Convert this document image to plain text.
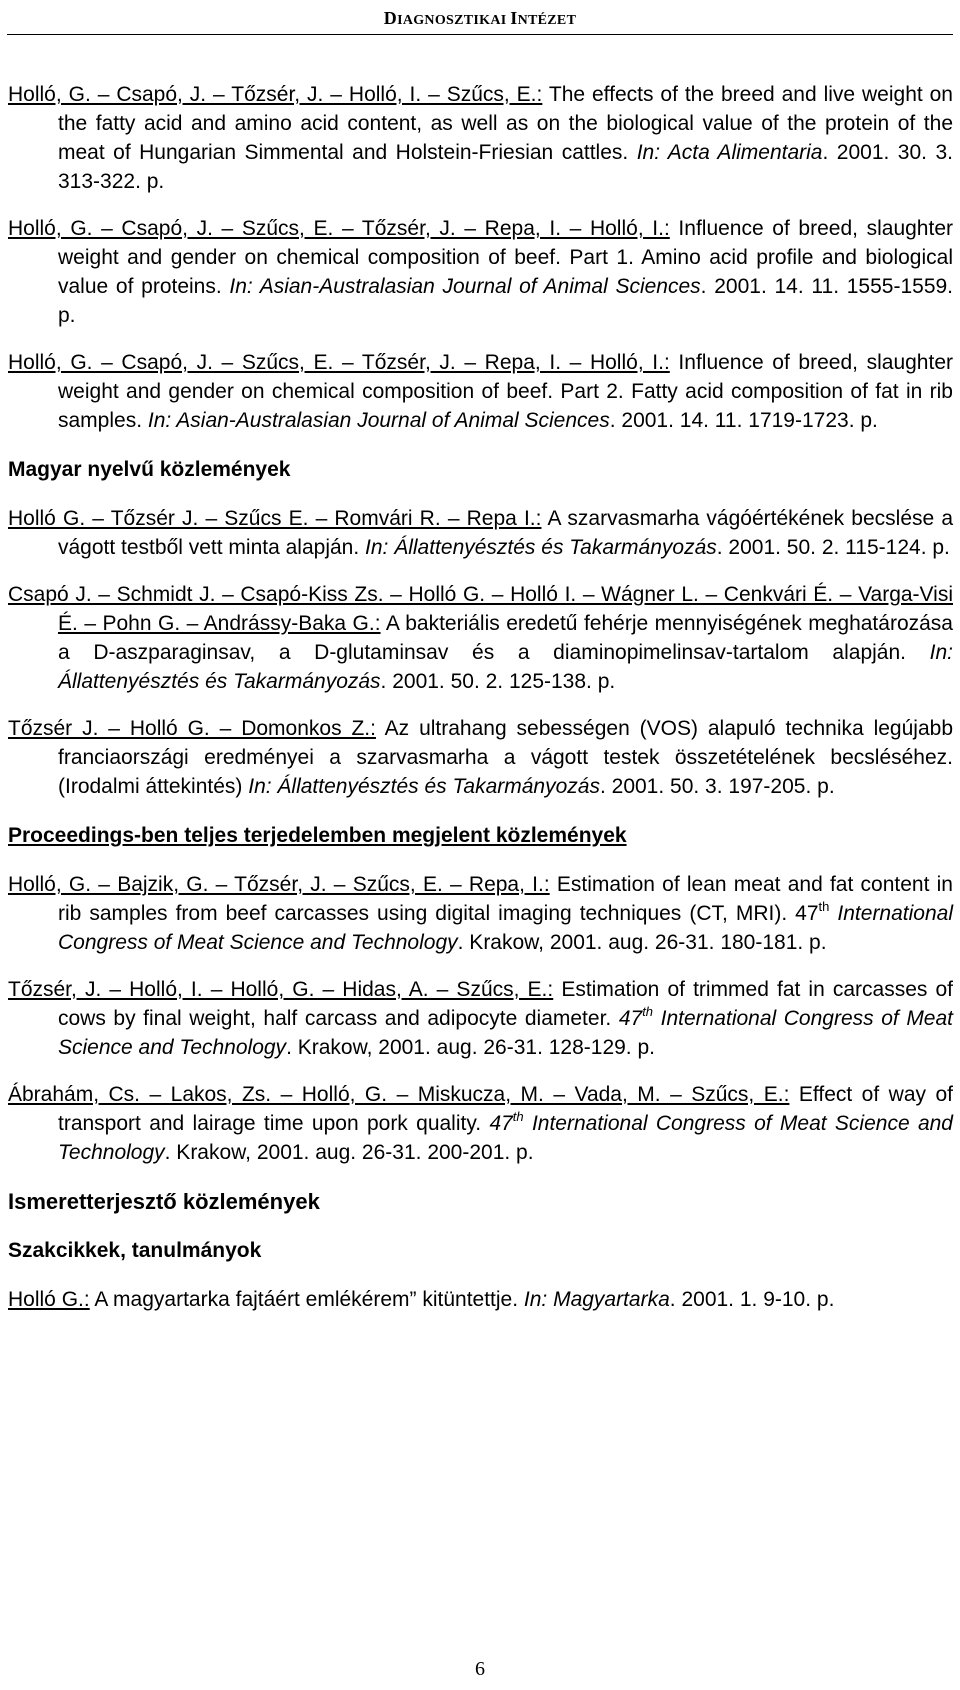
DIAGNOSZTIKAI INTÉZET

Holló, G. – Csapó, J. – Tőzsér, J. – Holló, I. – Szűcs, E.: The effects of the breed and live weight on the fatty acid and amino acid content, as well as on the biological value of the protein of the meat of Hungarian Simmental and Holstein-Friesian cattles. In: Acta Alimentaria. 2001. 30. 3. 313-322. p.

Holló, G. – Csapó, J. – Szűcs, E. – Tőzsér, J. – Repa, I. – Holló, I.: Influence of breed, slaughter weight and gender on chemical composition of beef. Part 1. Amino acid profile and biological value of proteins. In: Asian-Australasian Journal of Animal Sciences. 2001. 14. 11. 1555-1559. p.

Holló, G. – Csapó, J. – Szűcs, E. – Tőzsér, J. – Repa, I. – Holló, I.: Influence of breed, slaughter weight and gender on chemical composition of beef. Part 2. Fatty acid composition of fat in rib samples. In: Asian-Australasian Journal of Animal Sciences. 2001. 14. 11. 1719-1723. p.

Magyar nyelvű közlemények

Holló G. – Tőzsér J. – Szűcs E. – Romvári R. – Repa I.: A szarvasmarha vágóértékének becslése a vágott testből vett minta alapján. In: Állattenyésztés és Takarmányozás. 2001. 50. 2. 115-124. p.

Csapó J. – Schmidt J. – Csapó-Kiss Zs. – Holló G. – Holló I. – Wágner L. – Cenkvári É. – Varga-Visi É. – Pohn G. – Andrássy-Baka G.: A bakteriális eredetű fehérje mennyiségének meghatározása a D-aszparaginsav, a D-glutaminsav és a diaminopimelinsav-tartalom alapján. In: Állattenyésztés és Takarmányozás. 2001. 50. 2. 125-138. p.

Tőzsér J. – Holló G. – Domonkos Z.: Az ultrahang sebességen (VOS) alapuló technika legújabb franciaországi eredményei a szarvasmarha a vágott testek összetételének becsléséhez. (Irodalmi áttekintés) In: Állattenyésztés és Takarmányozás. 2001. 50. 3. 197-205. p.

Proceedings-ben teljes terjedelemben megjelent közlemények

Holló, G. – Bajzik, G. – Tőzsér, J. – Szűcs, E. – Repa, I.: Estimation of lean meat and fat content in rib samples from beef carcasses using digital imaging techniques (CT, MRI). 47th International Congress of Meat Science and Technology. Krakow, 2001. aug. 26-31. 180-181. p.

Tőzsér, J. – Holló, I. – Holló, G. – Hidas, A. – Szűcs, E.: Estimation of trimmed fat in carcasses of cows by final weight, half carcass and adipocyte diameter. 47th International Congress of Meat Science and Technology. Krakow, 2001. aug. 26-31. 128-129. p.

Ábrahám, Cs. – Lakos, Zs. – Holló, G. – Miskucza, M. – Vada, M. – Szűcs, E.: Effect of way of transport and lairage time upon pork quality. 47th International Congress of Meat Science and Technology. Krakow, 2001. aug. 26-31. 200-201. p.

Ismeretterjesztő közlemények
Szakcikkek, tanulmányok

Holló G.: A magyartarka fajtáért emlékérem” kitüntettje. In: Magyartarka. 2001. 1. 9-10. p.

6
